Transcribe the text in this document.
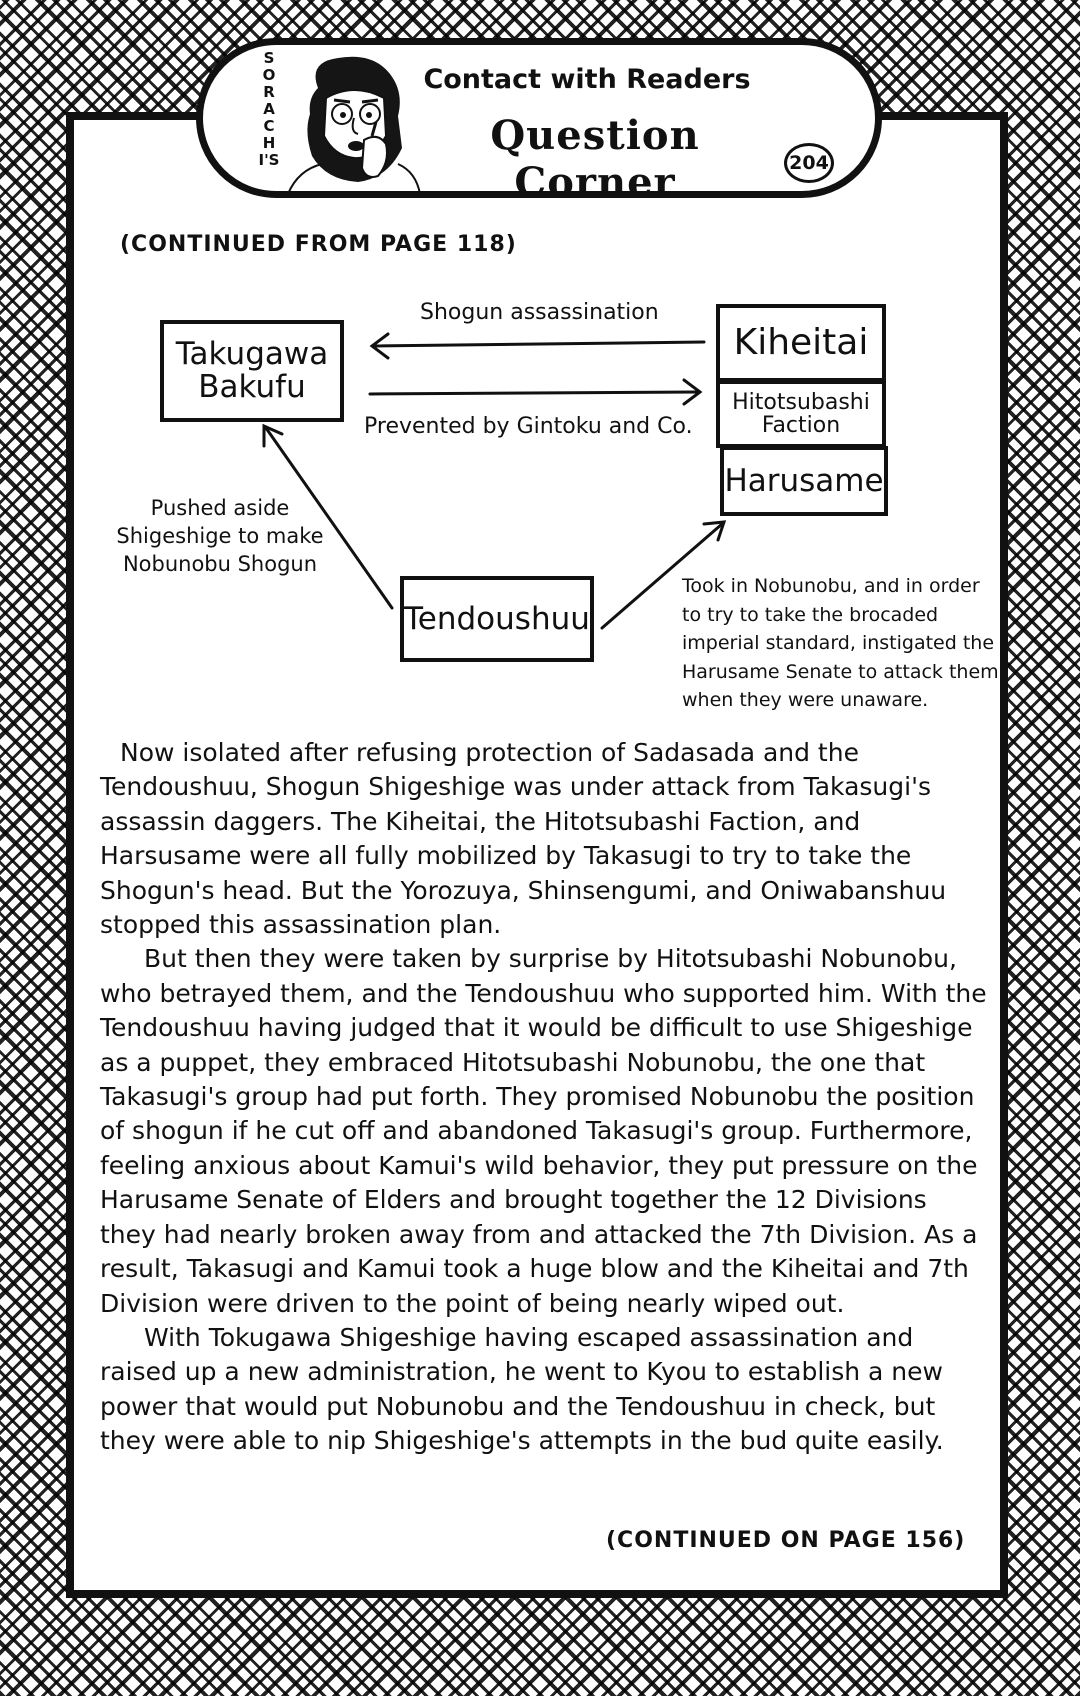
SORACHI'S
Contact with Readers
Question Corner	204
(CONTINUED FROM PAGE 118)
Takugawa Bakufu
Kiheitai
Hitotsubashi Faction
Harusame
Tendoushuu
Shogun assassination
Prevented by Gintoku and Co.
Pushed aside Shigeshige to make Nobunobu Shogun
Took in Nobunobu, and in order to try to take the brocaded imperial standard, instigated the Harusame Senate to attack them when they were unaware.

Now isolated after refusing protection of Sadasada and the Tendoushuu, Shogun Shigeshige was under attack from Takasugi's assassin daggers. The Kiheitai, the Hitotsubashi Faction, and Harsusame were all fully mobilized by Takasugi to try to take the Shogun's head. But the Yorozuya, Shinsengumi, and Oniwabanshuu stopped this assassination plan.

But then they were taken by surprise by Hitotsubashi Nobunobu, who betrayed them, and the Tendoushuu who supported him. With the Tendoushuu having judged that it would be difficult to use Shigeshige as a puppet, they embraced Hitotsubashi Nobunobu, the one that Takasugi's group had put forth. They promised Nobunobu the position of shogun if he cut off and abandoned Takasugi's group. Furthermore, feeling anxious about Kamui's wild behavior, they put pressure on the Harusame Senate of Elders and brought together the 12 Divisions they had nearly broken away from and attacked the 7th Division. As a result, Takasugi and Kamui took a huge blow and the Kiheitai and 7th Division were driven to the point of being nearly wiped out.

With Tokugawa Shigeshige having escaped assassination and raised up a new administration, he went to Kyou to establish a new power that would put Nobunobu and the Tendoushuu in check, but they were able to nip Shigeshige's attempts in the bud quite easily.

(CONTINUED ON PAGE 156)
